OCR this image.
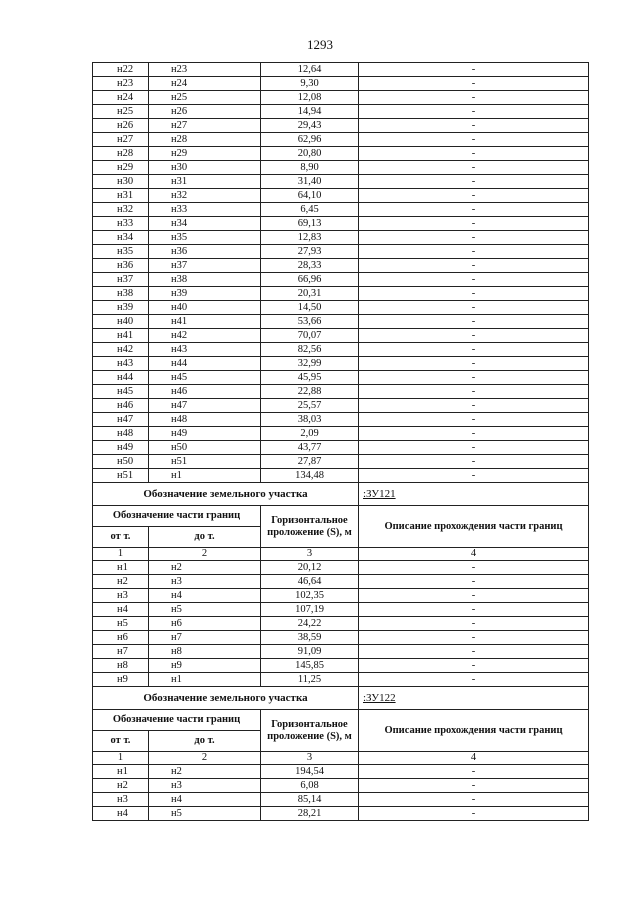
1293
н22	н23	12,64	-
н23	н24	9,30	-
н24	н25	12,08	-
н25	н26	14,94	-
н26	н27	29,43	-
н27	н28	62,96	-
н28	н29	20,80	-
н29	н30	8,90	-
н30	н31	31,40	-
н31	н32	64,10	-
н32	н33	6,45	-
н33	н34	69,13	-
н34	н35	12,83	-
н35	н36	27,93	-
н36	н37	28,33	-
н37	н38	66,96	-
н38	н39	20,31	-
н39	н40	14,50	-
н40	н41	53,66	-
н41	н42	70,07	-
н42	н43	82,56	-
н43	н44	32,99	-
н44	н45	45,95	-
н45	н46	22,88	-
н46	н47	25,57	-
н47	н48	38,03	-
н48	н49	2,09	-
н49	н50	43,77	-
н50	н51	27,87	-
н51	н1	134,48	-
Обозначение земельного участка			:ЗУ121
Обозначение части границ		Горизонтальное проложение (S), м	Описание прохождения части границ
от т.	до т.		
1	2	3	4
н1	н2	20,12	-
н2	н3	46,64	-
н3	н4	102,35	-
н4	н5	107,19	-
н5	н6	24,22	-
н6	н7	38,59	-
н7	н8	91,09	-
н8	н9	145,85	-
н9	н1	11,25	-
Обозначение земельного участка			:ЗУ122
Обозначение части границ		Горизонтальное проложение (S), м	Описание прохождения части границ
от т.	до т.		
1	2	3	4
н1	н2	194,54	-
н2	н3	6,08	-
н3	н4	85,14	-
н4	н5	28,21	-
